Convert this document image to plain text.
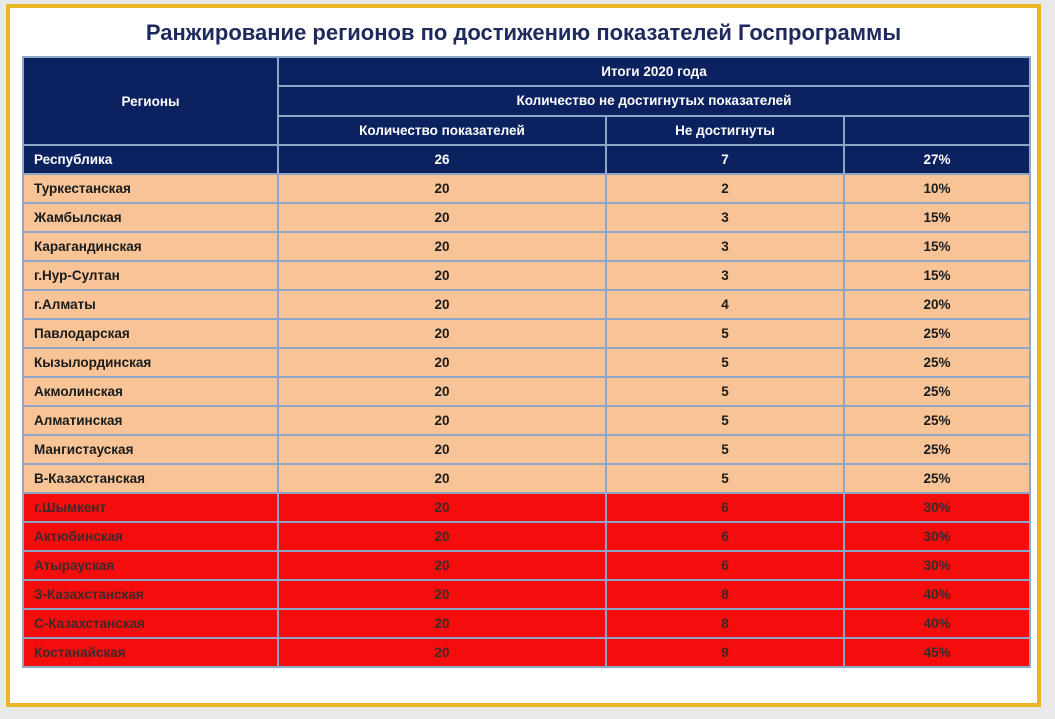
Ранжирование регионов по достижению показателей Госпрограммы
Регионы	Итоги 2020 года		
	Количество не достигнутых показателей		
	Количество показателей	Не достигнуты	
Республика	26	7	27%
Туркестанская	20	2	10%
Жамбылская	20	3	15%
Карагандинская	20	3	15%
г.Нур-Султан	20	3	15%
г.Алматы	20	4	20%
Павлодарская	20	5	25%
Кызылординская	20	5	25%
Акмолинская	20	5	25%
Алматинская	20	5	25%
Мангистауская	20	5	25%
В-Казахстанская	20	5	25%
г.Шымкент	20	6	30%
Актюбинская	20	6	30%
Атырауская	20	6	30%
З-Казахстанская	20	8	40%
С-Казахстанская	20	8	40%
Костанайская	20	9	45%
